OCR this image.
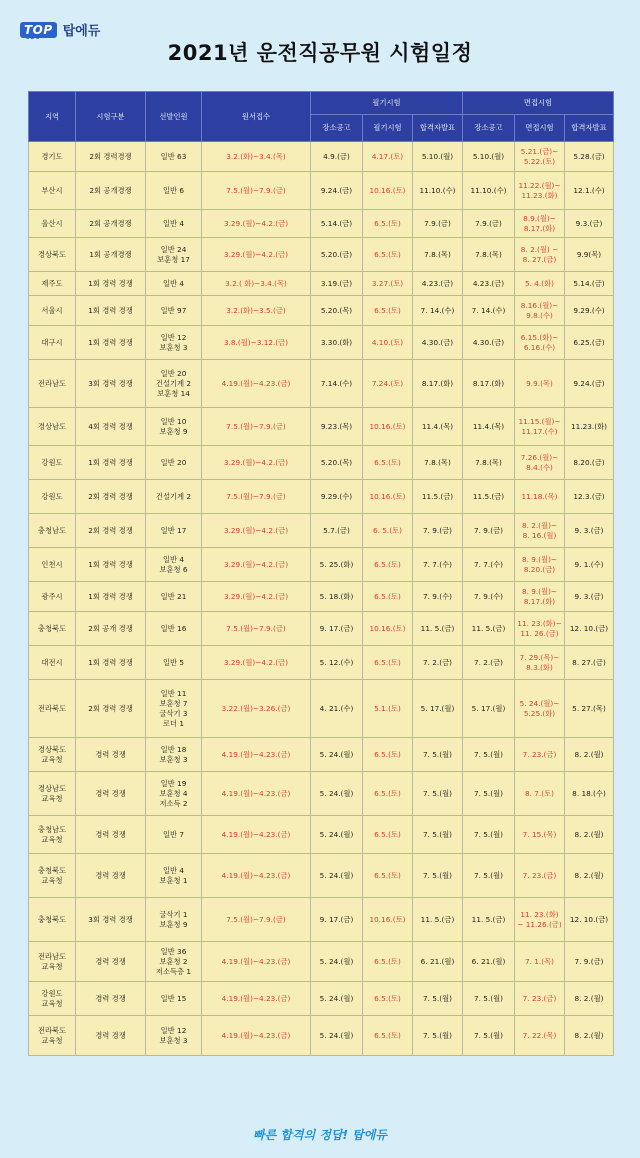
TOP
EDU 탑에듀
2021년 운전직공무원 시험일정
지역	시험구분	선발인원	원서접수	필기시험			면접시험		
				장소공고	필기시험	합격자발표	장소공고	면접시험	합격자발표
경기도	2회 경력경쟁	일반 63	3.2.(화)~3.4.(목)	4.9.(금)	4.17.(토)	5.10.(월)	5.10.(월)	5.21.(금)~
5.22.(토)	5.28.(금)
부산시	2회 공개경쟁	일반 6	7.5.(월)~7.9.(금)	9.24.(금)	10.16.(토)	11.10.(수)	11.10.(수)	11.22.(월)~
11.23.(화)	12.1.(수)
울산시	2회 공개경쟁	일반 4	3.29.(월)~4.2.(금)	5.14.(금)	6.5.(토)	7.9.(금)	7.9.(금)	8.9.(월)~
8.17.(화)	9.3.(금)
경상북도	1회 공개경쟁	일반 24
보훈청 17	3.29.(월)~4.2.(금)	5.20.(금)	6.5.(토)	7.8.(목)	7.8.(목)	8. 2.(월) ~
8. 27.(금)	9.9(목)
제주도	1회 경력 경쟁	일반 4	3.2.( 화)~3.4.(목)	3.19.(금)	3.27.(토)	4.23.(금)	4.23.(금)	5. 4.(화)	5.14.(금)
서울시	1회 경력 경쟁	일반 97	3.2.(화)~3.5.(금)	5.20.(목)	6.5.(토)	7. 14.(수)	7. 14.(수)	8.16.(월)~
9.8.(수)	9.29.(수)
대구시	1회 경력 경쟁	일반 12
보훈청 3	3.8.(월)~3.12.(금)	3.30.(화)	4.10.(토)	4.30.(금)	4.30.(금)	6.15.(화)~
6.16.(수)	6.25.(금)
전라남도	3회 경력 경쟁	일반 20
건설기계 2
보훈청 14	4.19.(월)~4.23.(금)	7.14.(수)	7.24.(토)	8.17.(화)	8.17.(화)	9.9.(목)	9.24.(금)
경상남도	4회 경력 경쟁	일반 10
보훈청 9	7.5.(월)~7.9.(금)	9.23.(목)	10.16.(토)	11.4.(목)	11.4.(목)	11.15.(월)~
11.17.(수)	11.23.(화)
강원도	1회 경력 경쟁	일반 20	3.29.(월)~4.2.(금)	5.20.(목)	6.5.(토)	7.8.(목)	7.8.(목)	7.26.(월)~
8.4.(수)	8.20.(금)
강원도	2회 경력 경쟁	건설기계 2	7.5.(월)~7.9.(금)	9.29.(수)	10.16.(토)	11.5.(금)	11.5.(금)	11.18.(목)	12.3.(금)
충청남도	2회 경력 경쟁	일반 17	3.29.(월)~4.2.(금)	5.7.(금)	6. 5.(토)	7. 9.(금)	7. 9.(금)	8. 2.(월)~
8. 16.(월)	9. 3.(금)
인천시	1회 경력 경쟁	일반 4
보훈청 6	3.29.(월)~4.2.(금)	5. 25.(화)	6.5.(토)	7. 7.(수)	7. 7.(수)	8. 9.(월)~
8.20.(금)	9. 1.(수)
광주시	1회 경력 경쟁	일반 21	3.29.(월)~4.2.(금)	5. 18.(화)	6.5.(토)	7. 9.(수)	7. 9.(수)	8. 9.(월)~
8.17.(화)	9. 3.(금)
충청북도	2회 공개 경쟁	일반 16	7.5.(월)~7.9.(금)	9. 17.(금)	10.16.(토)	11. 5.(금)	11. 5.(금)	11. 23.(화)~
11. 26.(금)	12. 10.(금)
대전시	1회 경력 경쟁	일반 5	3.29.(월)~4.2.(금)	5. 12.(수)	6.5.(토)	7. 2.(금)	7. 2.(금)	7. 29.(목)~
8.3.(화)	8. 27.(금)
전라북도	2회 경력 경쟁	일반 11
보훈청 7
굴삭기 3
로더 1	3.22.(월)~3.26.(금)	4. 21.(수)	5.1.(토)	5. 17.(월)	5. 17.(월)	5. 24.(월)~
5.25.(화)	5. 27.(목)
경상북도
교육청	경력 경쟁	일반 18
보훈청 3	4.19.(월)~4.23.(금)	5. 24.(월)	6.5.(토)	7. 5.(월)	7. 5.(월)	7. 23.(금)	8. 2.(월)
경상남도
교육청	경력 경쟁	일반 19
보훈청 4
저소득 2	4.19.(월)~4.23.(금)	5. 24.(월)	6.5.(토)	7. 5.(월)	7. 5.(월)	8. 7.(토)	8. 18.(수)
충청남도
교육청	경력 경쟁	일반 7	4.19.(월)~4.23.(금)	5. 24.(월)	6.5.(토)	7. 5.(월)	7. 5.(월)	7. 15.(목)	8. 2.(월)
충청북도
교육청	경력 경쟁	일반 4
보훈청 1	4.19.(월)~4.23.(금)	5. 24.(월)	6.5.(토)	7. 5.(월)	7. 5.(월)	7. 23.(금)	8. 2.(월)
충청북도	3회 경력 경쟁	굴삭기 1
보훈청 9	7.5.(월)~7.9.(금)	9. 17.(금)	10.16.(토)	11. 5.(금)	11. 5.(금)	11. 23.(화)
~ 11.26.(금)	12. 10.(금)
전라남도
교육청	경력 경쟁	일반 36
보훈청 2
저소득층 1	4.19.(월)~4.23.(금)	5. 24.(월)	6.5.(토)	6. 21.(월)	6. 21.(월)	7. 1.(목)	7. 9.(금)
강원도
교육청	경력 경쟁	일반 15	4.19.(월)~4.23.(금)	5. 24.(월)	6.5.(토)	7. 5.(월)	7. 5.(월)	7. 23.(금)	8. 2.(월)
전라북도
교육청	경력 경쟁	일반 12
보훈청 3	4.19.(월)~4.23.(금)	5. 24.(월)	6.5.(토)	7. 5.(월)	7. 5.(월)	7. 22.(목)	8. 2.(월)
빠른 합격의 정답! 탑에듀
